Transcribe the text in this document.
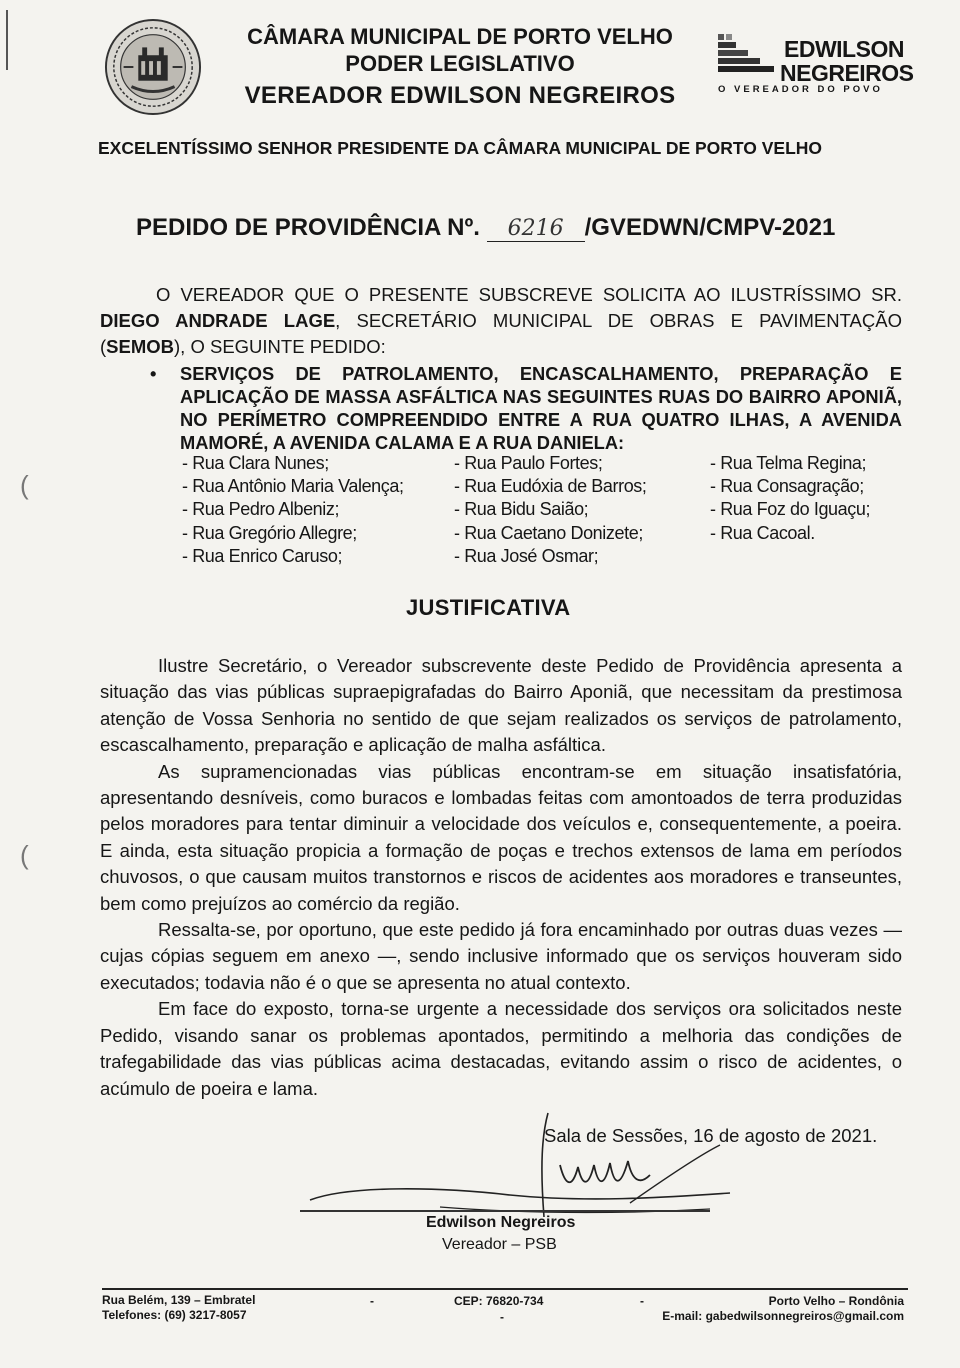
CÂMARA MUNICIPAL DE PORTO VELHO
PODER LEGISLATIVO
VEREADOR EDWILSON NEGREIROS
EDWILSON
NEGREIROS
O VEREADOR DO POVO
EXCELENTÍSSIMO SENHOR PRESIDENTE DA CÂMARA MUNICIPAL DE PORTO VELHO
PEDIDO DE PROVIDÊNCIA Nº. 6216 /GVEDWN/CMPV-2021
O VEREADOR QUE O PRESENTE SUBSCREVE SOLICITA AO ILUSTRÍSSIMO SR. DIEGO ANDRADE LAGE, SECRETÁRIO MUNICIPAL DE OBRAS E PAVIMENTAÇÃO (SEMOB), O SEGUINTE PEDIDO:
• SERVIÇOS DE PATROLAMENTO, ENCASCALHAMENTO, PREPARAÇÃO E APLICAÇÃO DE MASSA ASFÁLTICA NAS SEGUINTES RUAS DO BAIRRO APONIÃ, NO PERÍMETRO COMPREENDIDO ENTRE A RUA QUATRO ILHAS, A AVENIDA MAMORÉ, A AVENIDA CALAMA E A RUA DANIELA:
- Rua Clara Nunes;
- Rua Antônio Maria Valença;
- Rua Pedro Albeniz;
- Rua Gregório Allegre;
- Rua Enrico Caruso;
- Rua Paulo Fortes;
- Rua Eudóxia de Barros;
- Rua Bidu Saião;
- Rua Caetano Donizete;
- Rua José Osmar;
- Rua Telma Regina;
- Rua Consagração;
- Rua Foz do Iguaçu;
- Rua Cacoal.
JUSTIFICATIVA

Ilustre Secretário, o Vereador subscrevente deste Pedido de Providência apresenta a situação das vias públicas supraepigrafadas do Bairro Aponiã, que necessitam da prestimosa atenção de Vossa Senhoria no sentido de que sejam realizados os serviços de patrolamento, escascalhamento, preparação e aplicação de malha asfáltica.

As supramencionadas vias públicas encontram-se em situação insatisfatória, apresentando desníveis, como buracos e lombadas feitas com amontoados de terra produzidas pelos moradores para tentar diminuir a velocidade dos veículos e, consequentemente, a poeira. E ainda, esta situação propicia a formação de poças e trechos extensos de lama em períodos chuvosos, o que causam muitos transtornos e riscos de acidentes aos moradores e transeuntes, bem como prejuízos ao comércio da região.

Ressalta-se, por oportuno, que este pedido já fora encaminhado por outras duas vezes — cujas cópias seguem em anexo —, sendo inclusive informado que os serviços houveram sido executados; todavia não é o que se apresenta no atual contexto.

Em face do exposto, torna-se urgente a necessidade dos serviços ora solicitados neste Pedido, visando sanar os problemas apontados, permitindo a melhoria das condições de trafegabilidade das vias públicas acima destacadas, evitando assim o risco de acidentes, o acúmulo de poeira e lama.

Sala de Sessões, 16 de agosto de 2021.
Edwilson Negreiros
Vereador – PSB
Rua Belém, 139 – Embratel
Telefones: (69) 3217-8057
-	CEP: 76820-734
-
-	Porto Velho – Rondônia
E-mail: gabedwilsonnegreiros@gmail.com
(
(
